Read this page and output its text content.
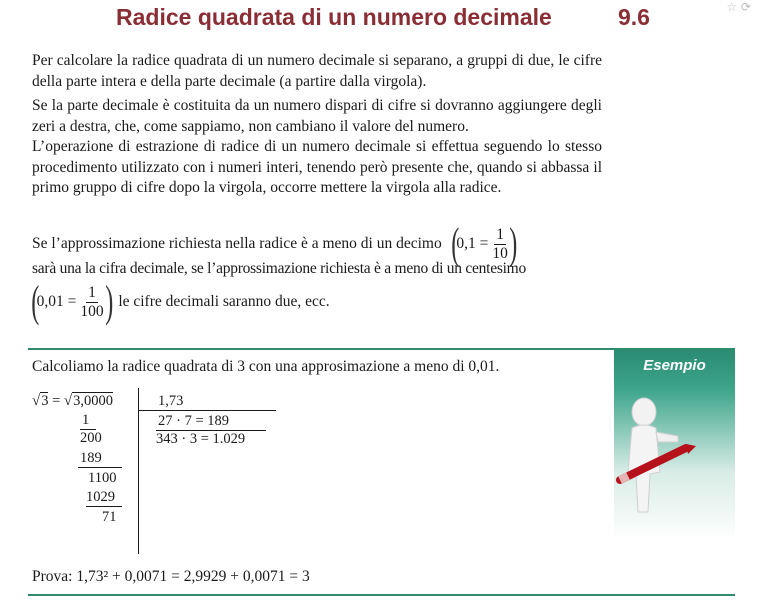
Radice quadrata di un numero decimale	9.6	☆ ⟳

Per calcolare la radice quadrata di un numero decimale si separano, a gruppi di due, le cifre della parte intera e della parte decimale (a partire dalla virgola).

Se la parte decimale è costituita da un numero dispari di cifre si dovranno aggiungere degli zeri a destra, che, come sappiamo, non cambiano il valore del numero.

L’operazione di estrazione di radice di un numero decimale si effettua seguendo lo stesso procedimento utilizzato con i numeri interi, tenendo però presente che, quando si abbassa il primo gruppo di cifre dopo la virgola, occorre mettere la virgola alla radice.

Se l’approssimazione richiesta nella radice è a meno di un decimo (
$0,1 = \frac{1}{10}$ )
sarà una la cifra decimale, se l’approssimazione richiesta è a meno di un centesimo
(
$0,01 = \frac{1}{100}$ ) le cifre decimali saranno due, ecc.
Esempio
Calcoliamo la radice quadrata di 3 con una approsimazione a meno di 0,01.
√3 = √3,0000
1
200
189
1100
1029
71
1,73
27 · 7 = 189
343 · 3 = 1.029
Prova: 1,73² + 0,0071 = 2,9929 + 0,0071 = 3
